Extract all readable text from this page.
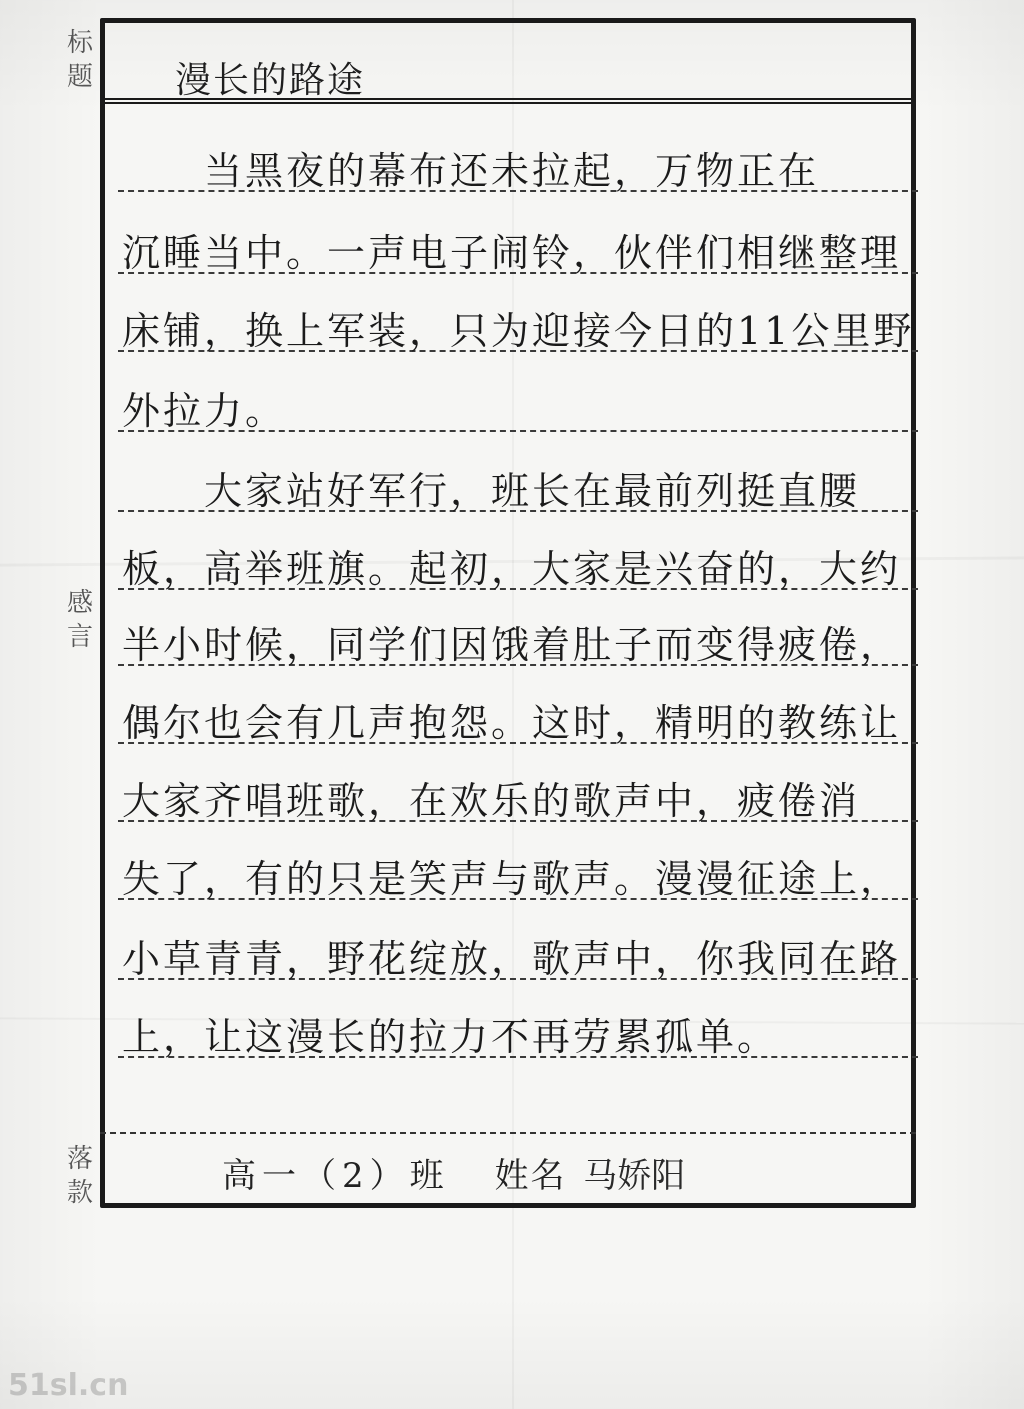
标
题
感
言
落
款
漫长的路途
　　当黑夜的幕布还未拉起，万物正在
沉睡当中。一声电子闹铃，伙伴们相继整理
床铺，换上军装，只为迎接今日的11公里野
外拉力。
　　大家站好军行，班长在最前列挺直腰
板，高举班旗。起初，大家是兴奋的，大约
半小时候，同学们因饿着肚子而变得疲倦，
偶尔也会有几声抱怨。这时，精明的教练让
大家齐唱班歌，在欢乐的歌声中，疲倦消
失了，有的只是笑声与歌声。漫漫征途上，
小草青青，野花绽放，歌声中，你我同在路
上，让这漫长的拉力不再劳累孤单。
高一（2）班 姓名 马娇阳
51sl.cn
